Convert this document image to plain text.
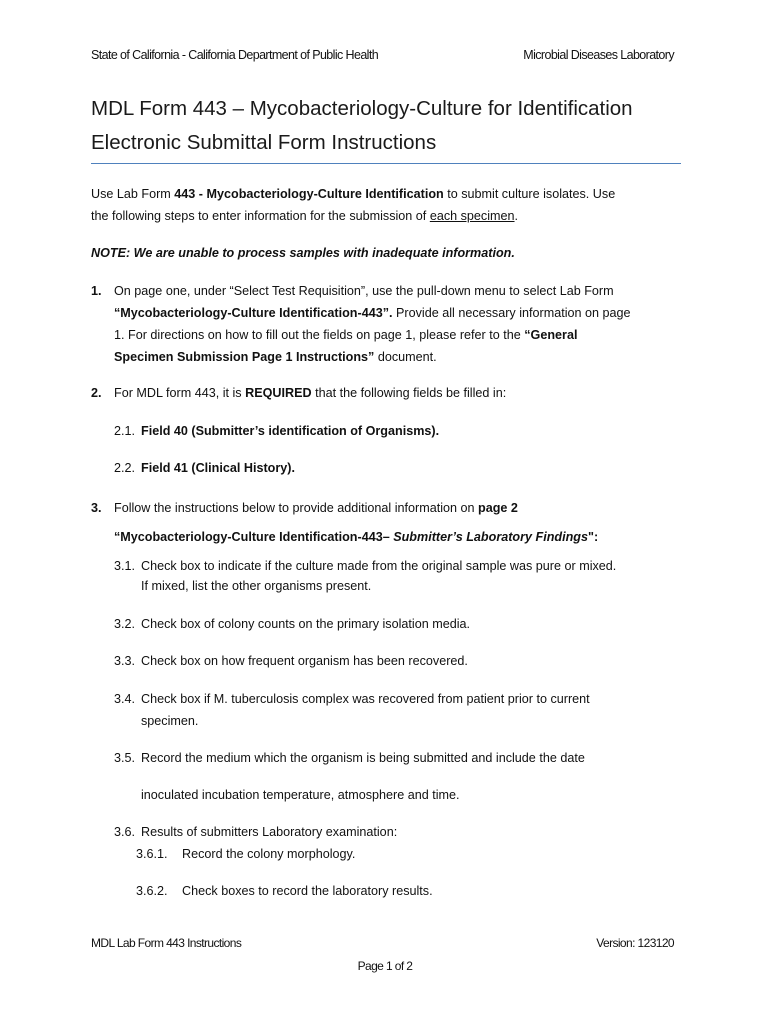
State of California - California Department of Public Health	Microbial Diseases Laboratory
MDL Form 443 – Mycobacteriology-Culture for Identification
Electronic Submittal Form Instructions
Use Lab Form 443 - Mycobacteriology-Culture Identification to submit culture isolates. Use
the following steps to enter information for the submission of each specimen.
NOTE: We are unable to process samples with inadequate information.
1. On page one, under “Select Test Requisition”, use the pull-down menu to select Lab Form
“Mycobacteriology-Culture Identification-443”. Provide all necessary information on page
1. For directions on how to fill out the fields on page 1, please refer to the “General
Specimen Submission Page 1 Instructions” document.
2. For MDL form 443, it is REQUIRED that the following fields be filled in:
2.1. Field 40 (Submitter’s identification of Organisms).
2.2. Field 41 (Clinical History).
3. Follow the instructions below to provide additional information on page 2
“Mycobacteriology-Culture Identification-443– Submitter’s Laboratory Findings":
3.1. Check box to indicate if the culture made from the original sample was pure or mixed.
If mixed, list the other organisms present.
3.2. Check box of colony counts on the primary isolation media.
3.3. Check box on how frequent organism has been recovered.
3.4. Check box if M. tuberculosis complex was recovered from patient prior to current
specimen.
3.5. Record the medium which the organism is being submitted and include the date
inoculated incubation temperature, atmosphere and time.
3.6. Results of submitters Laboratory examination:
3.6.1. Record the colony morphology.
3.6.2. Check boxes to record the laboratory results.
MDL Lab Form 443 Instructions	Version: 123120
Page 1 of 2
